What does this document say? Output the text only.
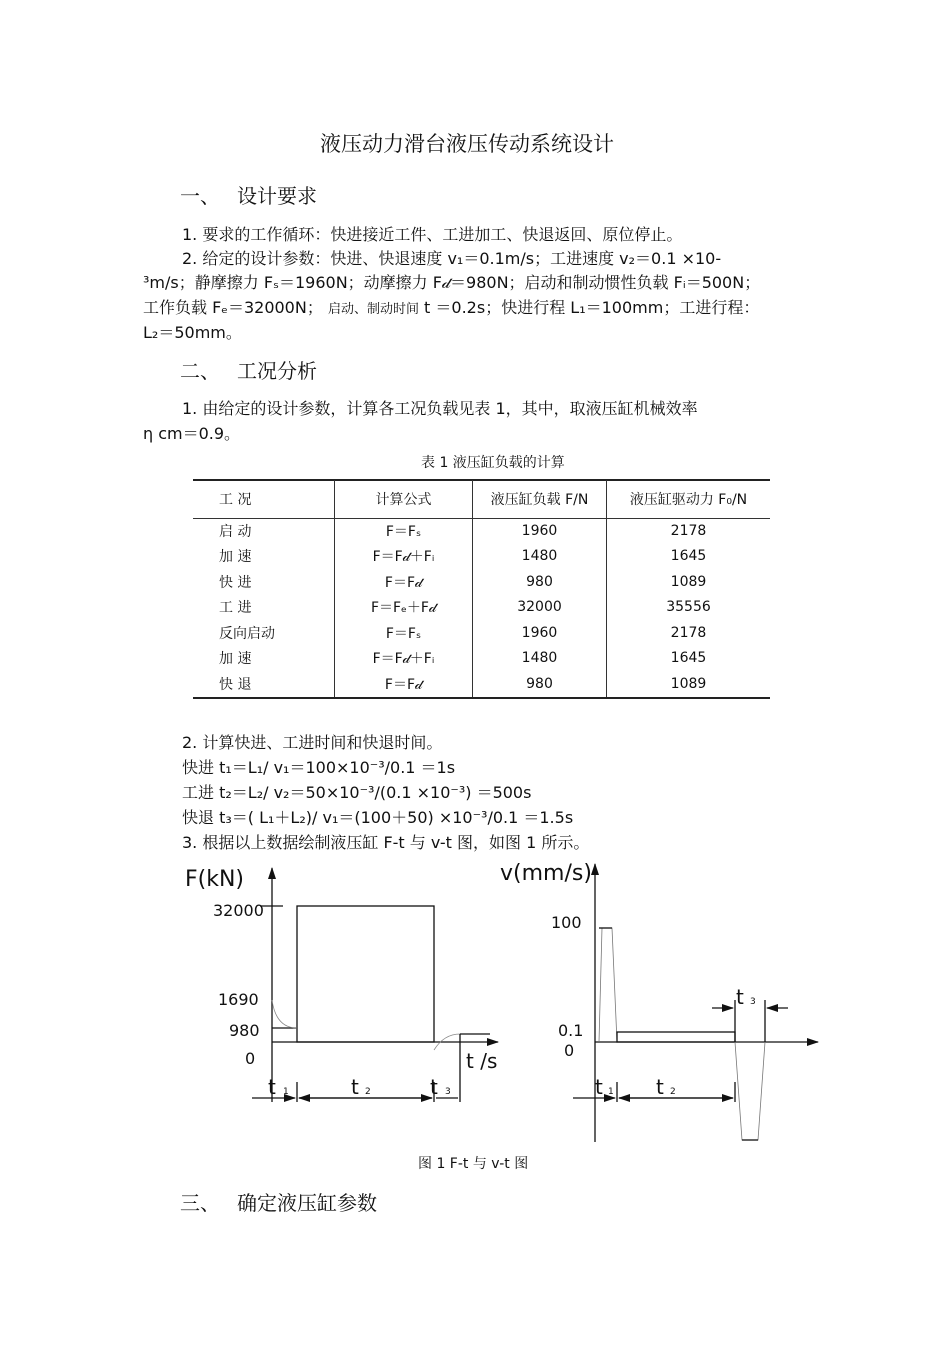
液压动力滑台液压传动系统设计
一、 设计要求
1. 要求的工作循环：快进接近工件、工进加工、快退返回、原位停止。
2. 给定的设计参数：快进、快退速度 v₁＝0.1m/s；工进速度 v₂＝0.1 ×10-
³m/s；静摩擦力 Fₛ＝1960N；动摩擦力 F𝒹＝980N；启动和制动惯性负载 Fᵢ＝500N；
工作负载 Fₑ＝32000N； 启动、制动时间 t ＝0.2s；快进行程 L₁＝100mm；工进行程：
L₂＝50mm。
二、 工况分析
1. 由给定的设计参数，计算各工况负载见表 1，其中，取液压缸机械效率
η cm＝0.9。
表 1 液压缸负载的计算
工 况	计算公式	液压缸负载 F/N	液压缸驱动力 F₀/N
启 动	F＝Fₛ	1960	2178
加 速	F＝F𝒹＋Fᵢ	1480	1645
快 进	F＝F𝒹	980	1089
工 进	F＝Fₑ＋F𝒹	32000	35556
反向启动	F＝Fₛ	1960	2178
加 速	F＝F𝒹＋Fᵢ	1480	1645
快 退	F＝F𝒹	980	1089
2. 计算快进、工进时间和快退时间。
快进 t₁＝L₁/ v₁＝100×10⁻³/0.1 ＝1s
工进 t₂＝L₂/ v₂＝50×10⁻³/(0.1 ×10⁻³) ＝500s
快退 t₃＝( L₁＋L₂)/ v₁＝(100＋50) ×10⁻³/0.1 ＝1.5s
3. 根据以上数据绘制液压缸 F-t 与 v-t 图，如图 1 所示。
F(kN)
32000
1690
980
0	t /s
t 1	t 2	t 3
v(mm/s)
100
0.1
0
t 1 t 2
t 3
图 1 F-t 与 v-t 图
三、 确定液压缸参数
